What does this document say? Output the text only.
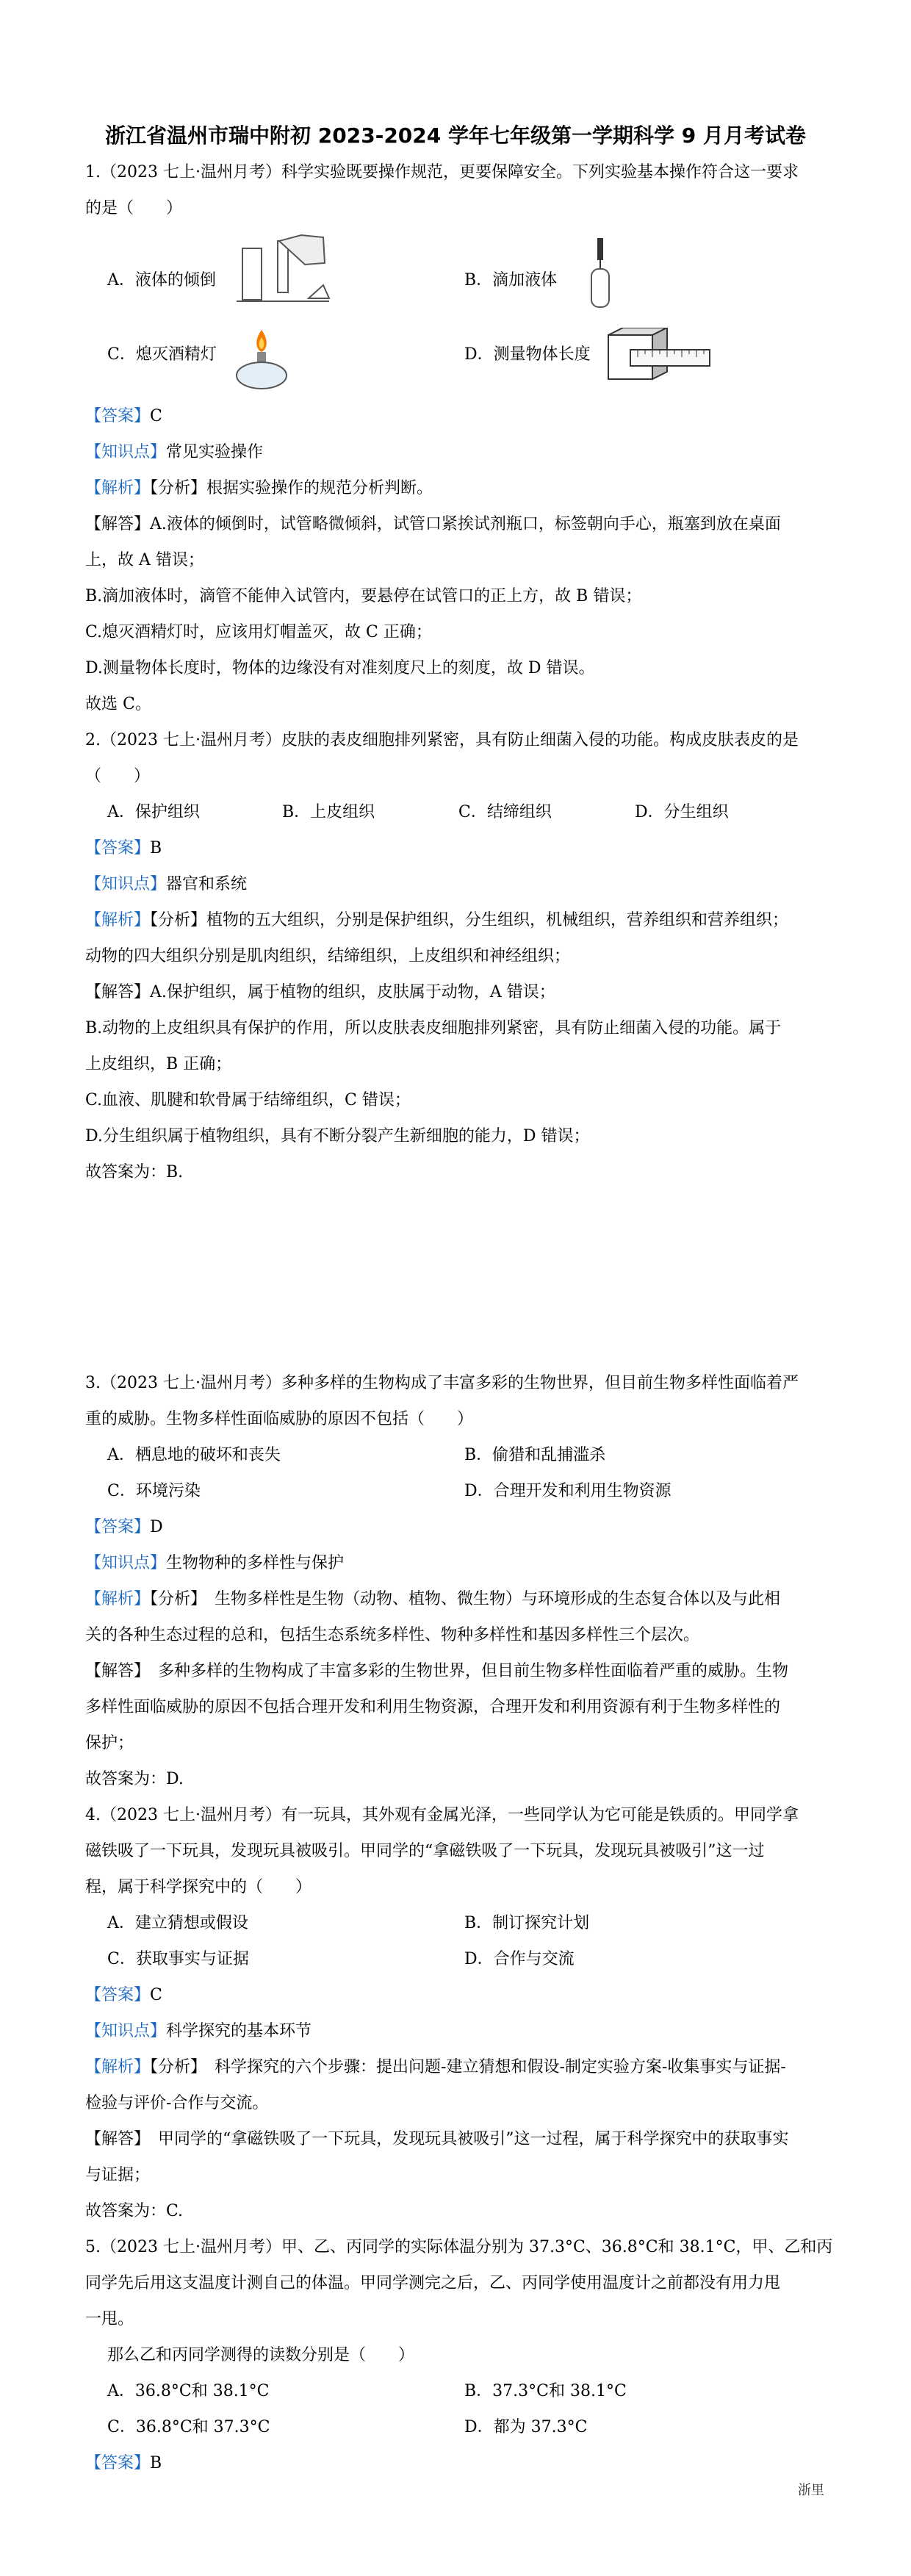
浙江省温州市瑞中附初 2023-2024 学年七年级第一学期科学 9 月月考试卷
1.（2023 七上·温州月考）科学实验既要操作规范，更要保障安全。下列实验基本操作符合这一要求
的是（　　）
A．液体的倾倒	B．滴加液体
C．熄灭酒精灯	D．测量物体长度
【答案】C
【知识点】常见实验操作
【解析】【分析】根据实验操作的规范分析判断。
【解答】A.液体的倾倒时，试管略微倾斜，试管口紧挨试剂瓶口，标签朝向手心，瓶塞到放在桌面
上，故 A 错误；
B.滴加液体时，滴管不能伸入试管内，要悬停在试管口的正上方，故 B 错误；
C.熄灭酒精灯时，应该用灯帽盖灭，故 C 正确；
D.测量物体长度时，物体的边缘没有对准刻度尺上的刻度，故 D 错误。
故选 C。
2.（2023 七上·温州月考）皮肤的表皮细胞排列紧密，具有防止细菌入侵的功能。构成皮肤表皮的是
（　　）
A．保护组织	B．上皮组织	C．结缔组织	D．分生组织
【答案】B
【知识点】器官和系统
【解析】【分析】植物的五大组织，分别是保护组织，分生组织，机械组织，营养组织和营养组织；
动物的四大组织分别是肌肉组织，结缔组织，上皮组织和神经组织；
【解答】A.保护组织，属于植物的组织，皮肤属于动物，A 错误；
B.动物的上皮组织具有保护的作用，所以皮肤表皮细胞排列紧密，具有防止细菌入侵的功能。属于
上皮组织，B 正确；
C.血液、肌腱和软骨属于结缔组织，C 错误；
D.分生组织属于植物组织，具有不断分裂产生新细胞的能力，D 错误；
故答案为：B.
3.（2023 七上·温州月考）多种多样的生物构成了丰富多彩的生物世界，但目前生物多样性面临着严
重的威胁。生物多样性面临威胁的原因不包括（　　）
A．栖息地的破坏和丧失	B．偷猎和乱捕滥杀
C．环境污染	D．合理开发和利用生物资源
【答案】D
【知识点】生物物种的多样性与保护
【解析】【分析】　生物多样性是生物（动物、植物、微生物）与环境形成的生态复合体以及与此相
关的各种生态过程的总和，包括生态系统多样性、物种多样性和基因多样性三个层次。
【解答】　多种多样的生物构成了丰富多彩的生物世界，但目前生物多样性面临着严重的威胁。生物
多样性面临威胁的原因不包括合理开发和利用生物资源，合理开发和利用资源有利于生物多样性的
保护；
故答案为：D.
4.（2023 七上·温州月考）有一玩具，其外观有金属光泽，一些同学认为它可能是铁质的。甲同学拿
磁铁吸了一下玩具，发现玩具被吸引。甲同学的“拿磁铁吸了一下玩具，发现玩具被吸引”这一过
程，属于科学探究中的（　　）
A．建立猜想或假设	B．制订探究计划
C．获取事实与证据	D．合作与交流
【答案】C
【知识点】科学探究的基本环节
【解析】【分析】　科学探究的六个步骤：提出问题-建立猜想和假设-制定实验方案-收集事实与证据-
检验与评价-合作与交流。
【解答】　甲同学的“拿磁铁吸了一下玩具，发现玩具被吸引”这一过程，属于科学探究中的获取事实
与证据；
故答案为：C.
5.（2023 七上·温州月考）甲、乙、丙同学的实际体温分别为 37.3°C、36.8°C和 38.1°C，甲、乙和丙
同学先后用这支温度计测自己的体温。甲同学测完之后，乙、丙同学使用温度计之前都没有用力甩
一甩。
那么乙和丙同学测得的读数分别是（　　）
A．36.8°C和 38.1°C	B．37.3°C和 38.1°C
C．36.8°C和 37.3°C	D．都为 37.3°C
【答案】B
浙里
